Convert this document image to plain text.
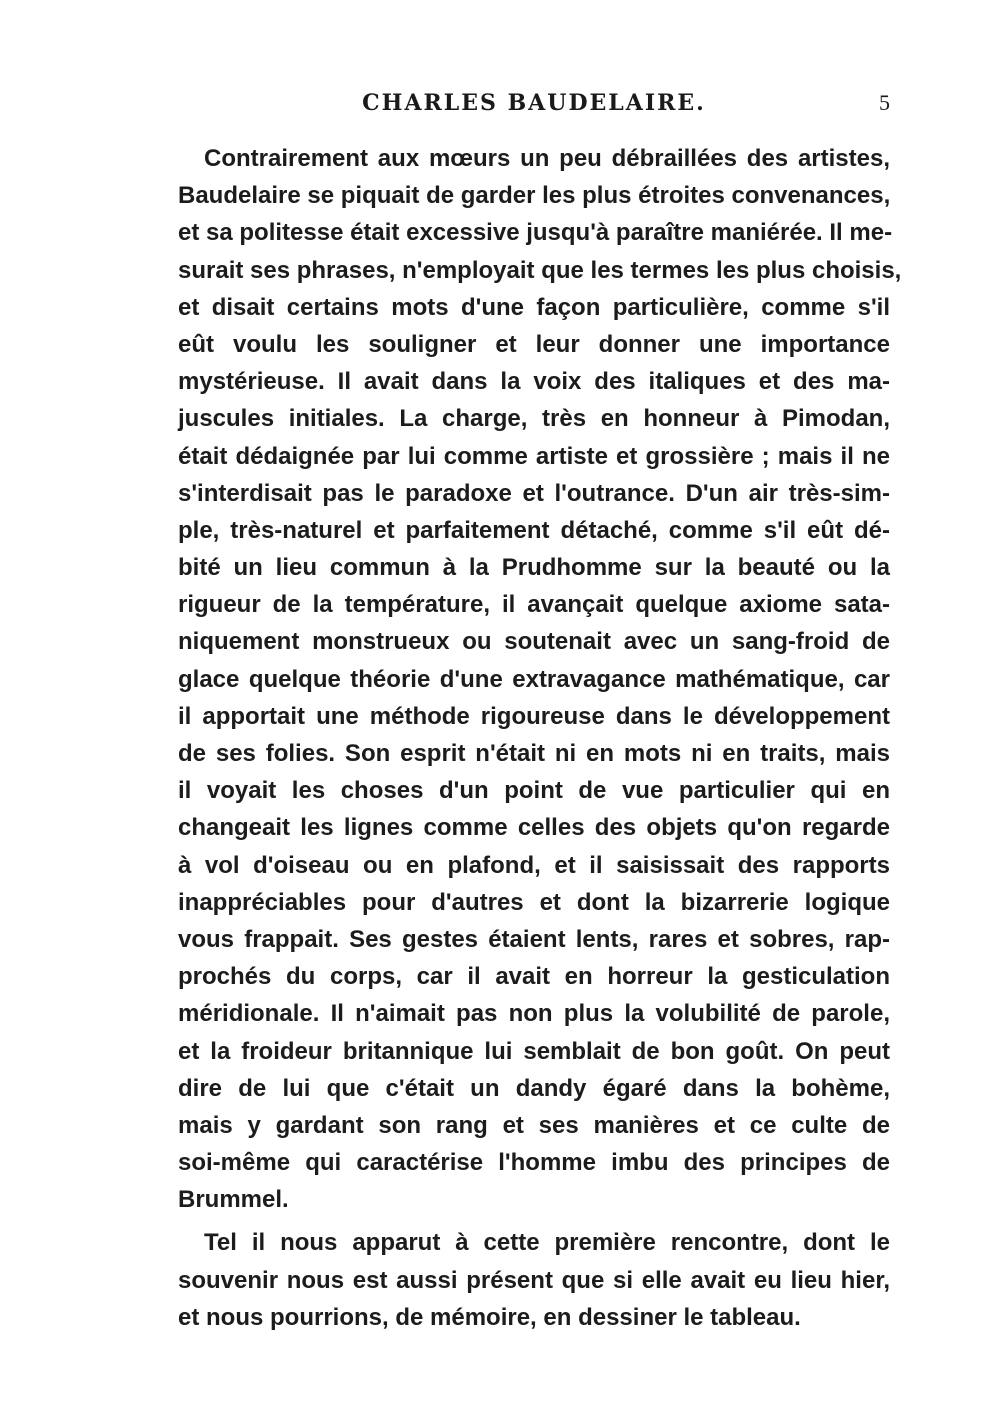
CHARLES BAUDELAIRE.	5
Contrairement aux mœurs un peu débraillées des artistes,
Baudelaire se piquait de garder les plus étroites convenances,
et sa politesse était excessive jusqu'à paraître maniérée. Il me-
surait ses phrases, n'employait que les termes les plus choisis,
et disait certains mots d'une façon particulière, comme s'il
eût voulu les souligner et leur donner une importance
mystérieuse. Il avait dans la voix des italiques et des ma-
juscules initiales. La charge, très en honneur à Pimodan,
était dédaignée par lui comme artiste et grossière ; mais il ne
s'interdisait pas le paradoxe et l'outrance. D'un air très-sim-
ple, très-naturel et parfaitement détaché, comme s'il eût dé-
bité un lieu commun à la Prudhomme sur la beauté ou la
rigueur de la température, il avançait quelque axiome sata-
niquement monstrueux ou soutenait avec un sang-froid de
glace quelque théorie d'une extravagance mathématique, car
il apportait une méthode rigoureuse dans le développement
de ses folies. Son esprit n'était ni en mots ni en traits, mais
il voyait les choses d'un point de vue particulier qui en
changeait les lignes comme celles des objets qu'on regarde
à vol d'oiseau ou en plafond, et il saisissait des rapports
inappréciables pour d'autres et dont la bizarrerie logique
vous frappait. Ses gestes étaient lents, rares et sobres, rap-
prochés du corps, car il avait en horreur la gesticulation
méridionale. Il n'aimait pas non plus la volubilité de parole,
et la froideur britannique lui semblait de bon goût. On peut
dire de lui que c'était un dandy égaré dans la bohème,
mais y gardant son rang et ses manières et ce culte de
soi-même qui caractérise l'homme imbu des principes de
Brummel.
Tel il nous apparut à cette première rencontre, dont le
souvenir nous est aussi présent que si elle avait eu lieu hier,
et nous pourrions, de mémoire, en dessiner le tableau.
